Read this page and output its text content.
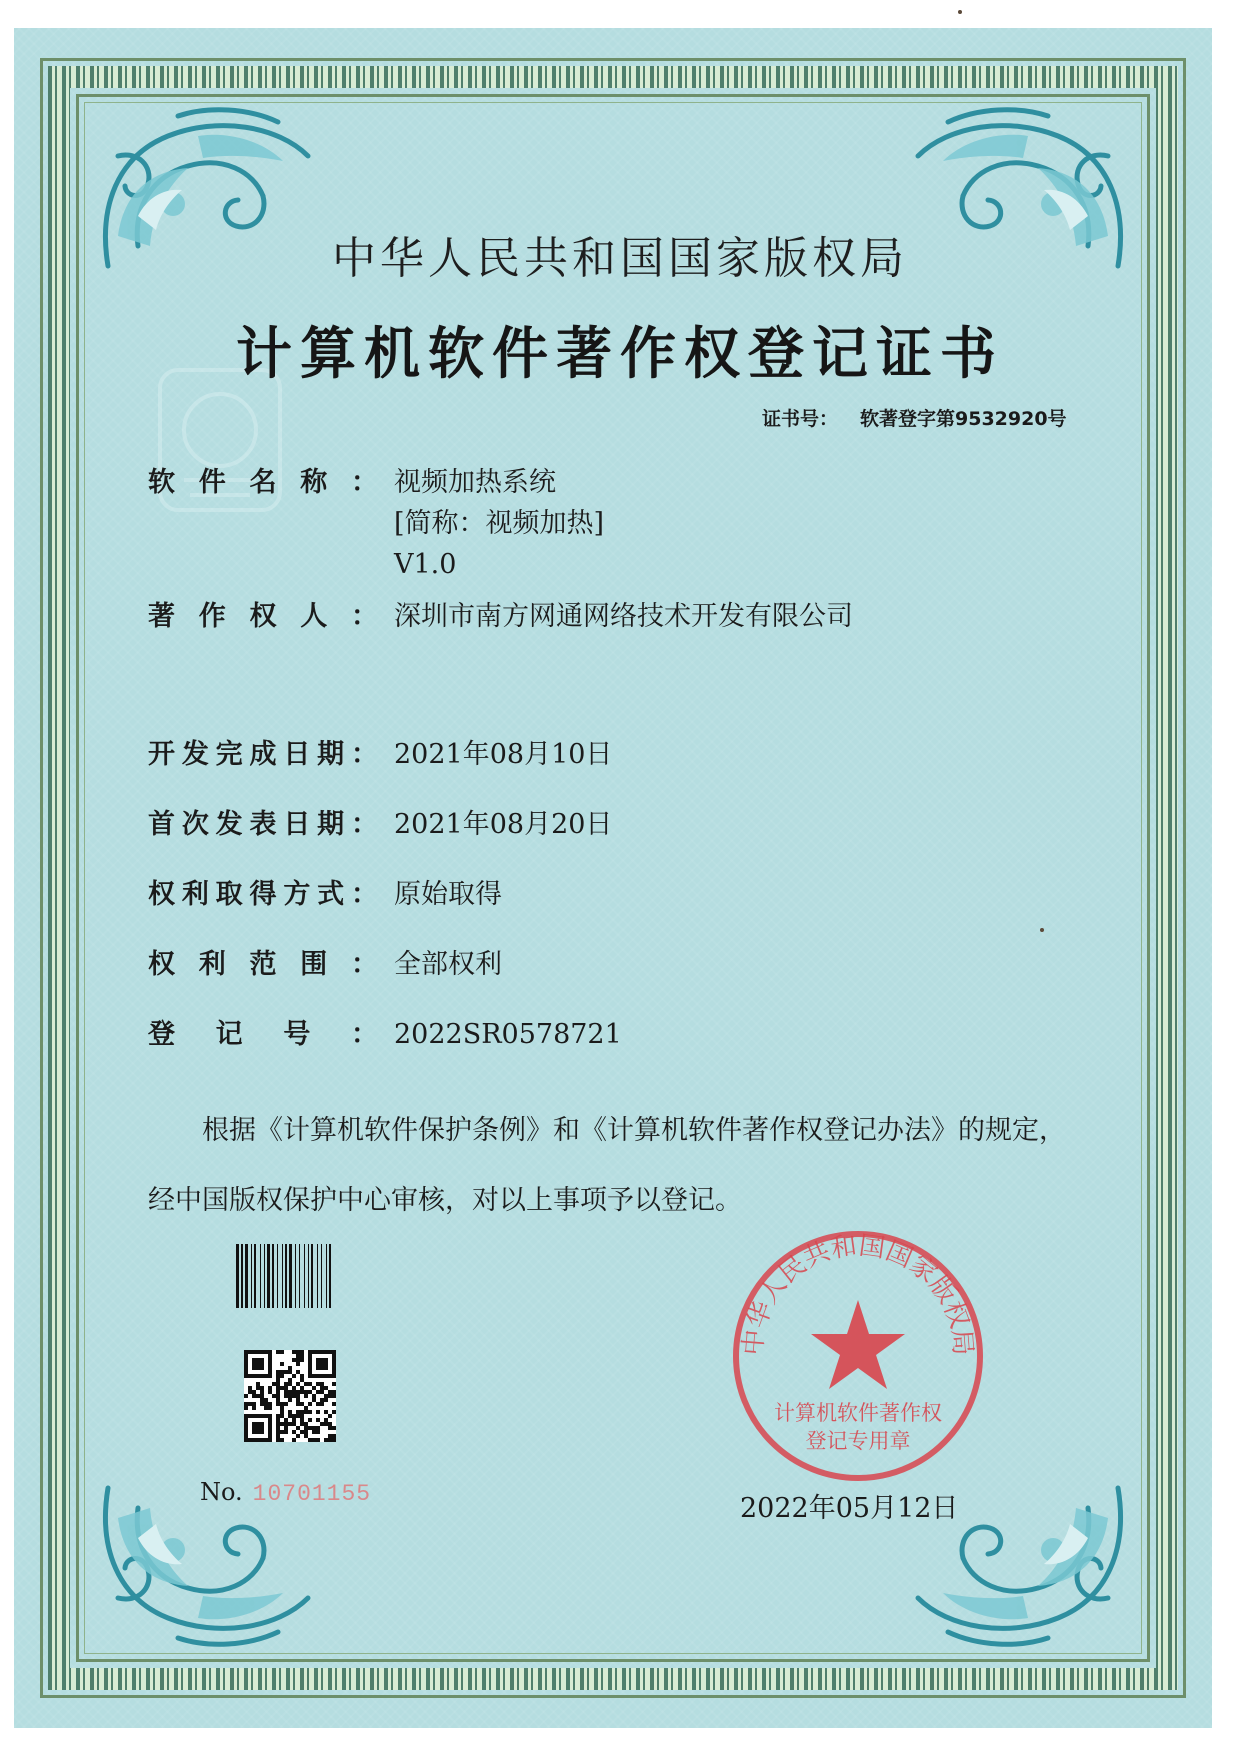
中华人民共和国国家版权局
计算机软件著作权登记证书
证书号： 软著登字第9532920号
软件名称： 视频加热系统
[简称：视频加热]
V1.0
著作权人： 深圳市南方网通网络技术开发有限公司
开发完成日期： 2021年08月10日
首次发表日期： 2021年08月20日
权利取得方式： 原始取得
权利范围： 全部权利
登记号： 2022SR0578721

根据《计算机软件保护条例》和《计算机软件著作权登记办法》的规定，经中国版权保护中心审核，对以上事项予以登记。

No. 10701155
中华人民共和国国家版权局
计算机软件著作权
登记专用章
2022年05月12日
